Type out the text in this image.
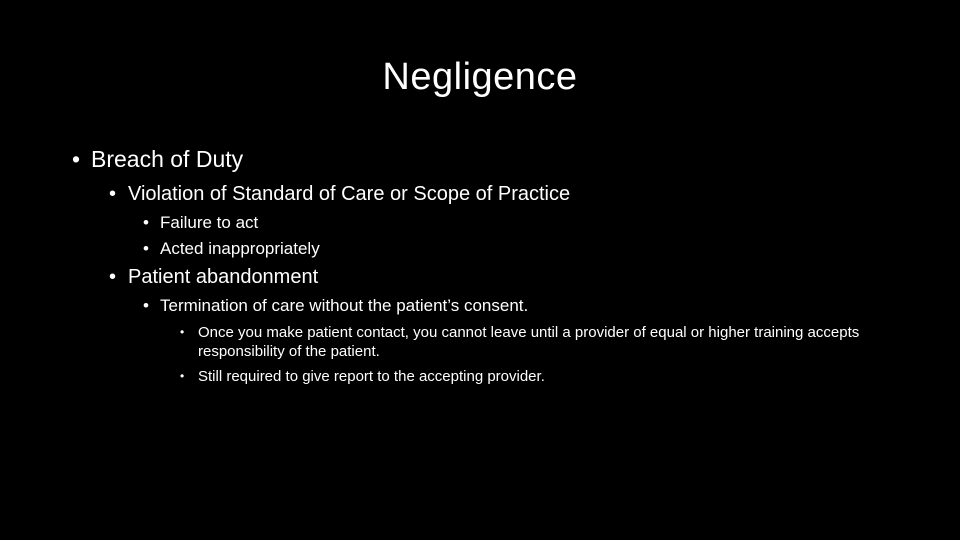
Negligence
• Breach of Duty
• Violation of Standard of Care or Scope of Practice
• Failure to act
• Acted inappropriately
• Patient abandonment
• Termination of care without the patient’s consent.
• Once you make patient contact, you cannot leave until a provider of equal or higher training accepts responsibility of the patient.
• Still required to give report to the accepting provider.
